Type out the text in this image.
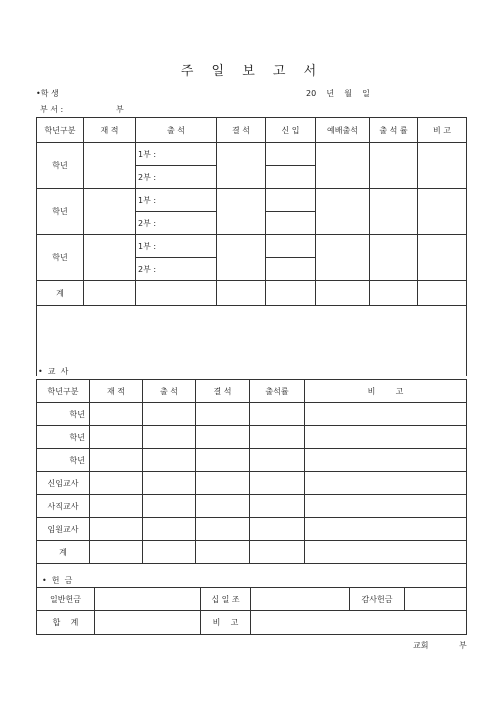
주 일 보 고 서
•학 생	20    년    월    일
부 서 :	부
학년구분	재 적	출 석	결 석	신 입	예배출석	출 석 률	비 고
학년		1부 :					
		2부 :					
학년		1부 :					
		2부 :					
학년		1부 :					
		2부 :					
계							

•  교  사
학년구분	재 적	출 석	결 석	출석률	비        고
학년					
학년					
학년					
신임교사					
사직교사					
임원교사					
계					
•  헌  금
일반헌금		십 일 조		감사헌금	
합    계		비    고			
교회	부
